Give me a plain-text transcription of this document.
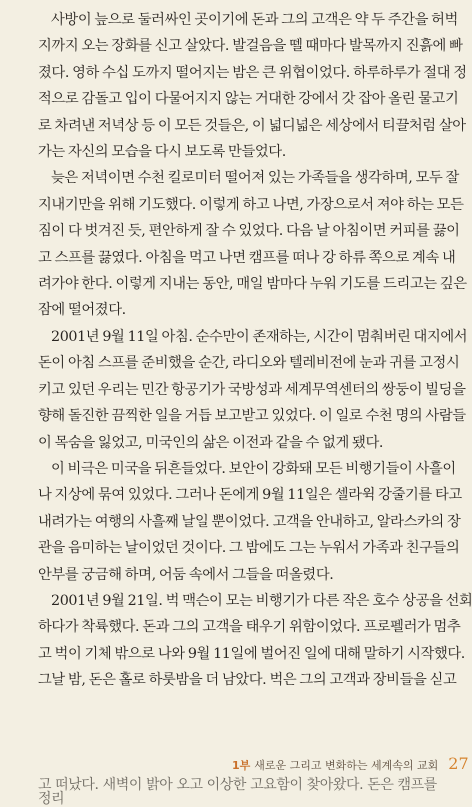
사방이 늪으로 둘러싸인 곳이기에 돈과 그의 고객은 약 두 주간을 허벅
지까지 오는 장화를 신고 살았다. 발걸음을 뗄 때마다 발목까지 진흙에 빠
졌다. 영하 수십 도까지 떨어지는 밤은 큰 위협이었다. 하루하루가 절대 정
적으로 감돌고 입이 다물어지지 않는 거대한 강에서 갓 잡아 올린 물고기
로 차려낸 저녁상 등 이 모든 것들은, 이 넓디넓은 세상에서 티끌처럼 살아
가는 자신의 모습을 다시 보도록 만들었다.
늦은 저녁이면 수천 킬로미터 떨어져 있는 가족들을 생각하며, 모두 잘
지내기만을 위해 기도했다. 이렇게 하고 나면, 가장으로서 져야 하는 모든
짐이 다 벗겨진 듯, 편안하게 잘 수 있었다. 다음 날 아침이면 커피를 끓이
고 스프를 끓였다. 아침을 먹고 나면 캠프를 떠나 강 하류 쪽으로 계속 내
려가야 한다. 이렇게 지내는 동안, 매일 밤마다 누워 기도를 드리고는 깊은
잠에 떨어졌다.
2001년 9월 11일 아침. 순수만이 존재하는, 시간이 멈춰버린 대지에서
돈이 아침 스프를 준비했을 순간, 라디오와 텔레비전에 눈과 귀를 고정시
키고 있던 우리는 민간 항공기가 국방성과 세계무역센터의 쌍둥이 빌딩을
향해 돌진한 끔찍한 일을 거듭 보고받고 있었다. 이 일로 수천 명의 사람들
이 목숨을 잃었고, 미국인의 삶은 이전과 같을 수 없게 됐다.
이 비극은 미국을 뒤흔들었다. 보안이 강화돼 모든 비행기들이 사흘이
나 지상에 묶여 있었다. 그러나 돈에게 9월 11일은 셀라윅 강줄기를 타고
내려가는 여행의 사흘째 날일 뿐이었다. 고객을 안내하고, 알라스카의 장
관을 음미하는 날이었던 것이다. 그 밤에도 그는 누워서 가족과 친구들의
안부를 궁금해 하며, 어둠 속에서 그들을 떠올렸다.
2001년 9월 21일. 벅 맥슨이 모는 비행기가 다른 작은 호수 상공을 선회
하다가 착륙했다. 돈과 그의 고객을 태우기 위함이었다. 프로펠러가 멈추
고 벅이 기체 밖으로 나와 9월 11일에 벌어진 일에 대해 말하기 시작했다.
그날 밤, 돈은 홀로 하룻밤을 더 남았다. 벅은 그의 고객과 장비들을 싣고
1부 새로운 그리고 변화하는 세계속의 교회 27
고 떠났다. 새벽이 밝아 오고 이상한 고요함이 찾아왔다. 돈은 캠프를 정리
